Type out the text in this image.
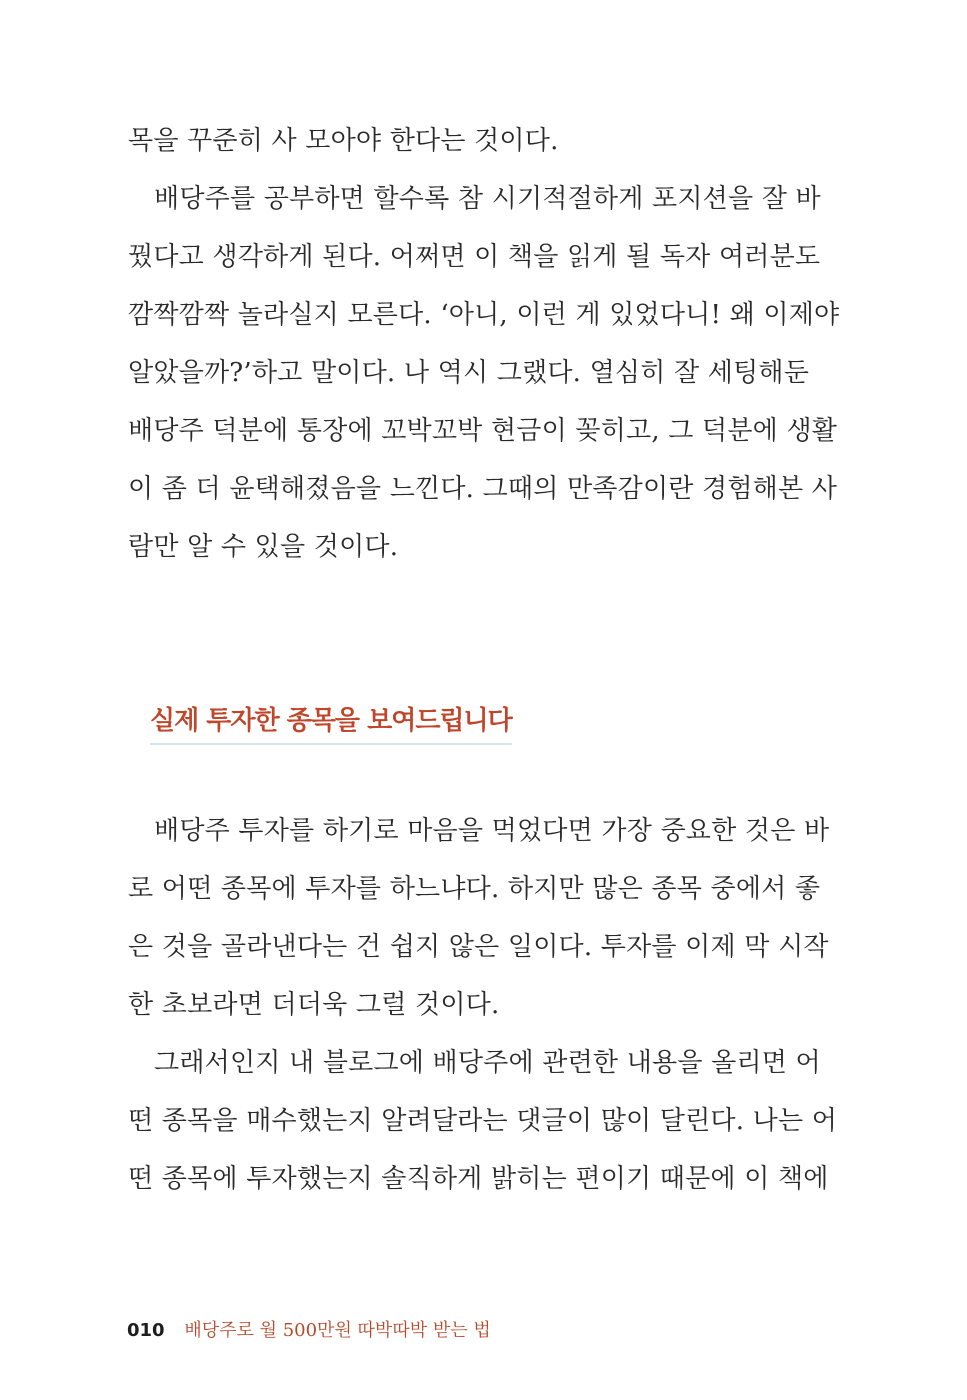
목을 꾸준히 사 모아야 한다는 것이다.
배당주를 공부하면 할수록 참 시기적절하게 포지션을 잘 바
꿨다고 생각하게 된다. 어쩌면 이 책을 읽게 될 독자 여러분도
깜짝깜짝 놀라실지 모른다. ‘아니, 이런 게 있었다니! 왜 이제야
알았을까?’하고 말이다. 나 역시 그랬다. 열심히 잘 세팅해둔
배당주 덕분에 통장에 꼬박꼬박 현금이 꽂히고, 그 덕분에 생활
이 좀 더 윤택해졌음을 느낀다. 그때의 만족감이란 경험해본 사
람만 알 수 있을 것이다.
실제 투자한 종목을 보여드립니다
배당주 투자를 하기로 마음을 먹었다면 가장 중요한 것은 바
로 어떤 종목에 투자를 하느냐다. 하지만 많은 종목 중에서 좋
은 것을 골라낸다는 건 쉽지 않은 일이다. 투자를 이제 막 시작
한 초보라면 더더욱 그럴 것이다.
그래서인지 내 블로그에 배당주에 관련한 내용을 올리면 어
떤 종목을 매수했는지 알려달라는 댓글이 많이 달린다. 나는 어
떤 종목에 투자했는지 솔직하게 밝히는 편이기 때문에 이 책에
010 배당주로 월 500만원 따박따박 받는 법
